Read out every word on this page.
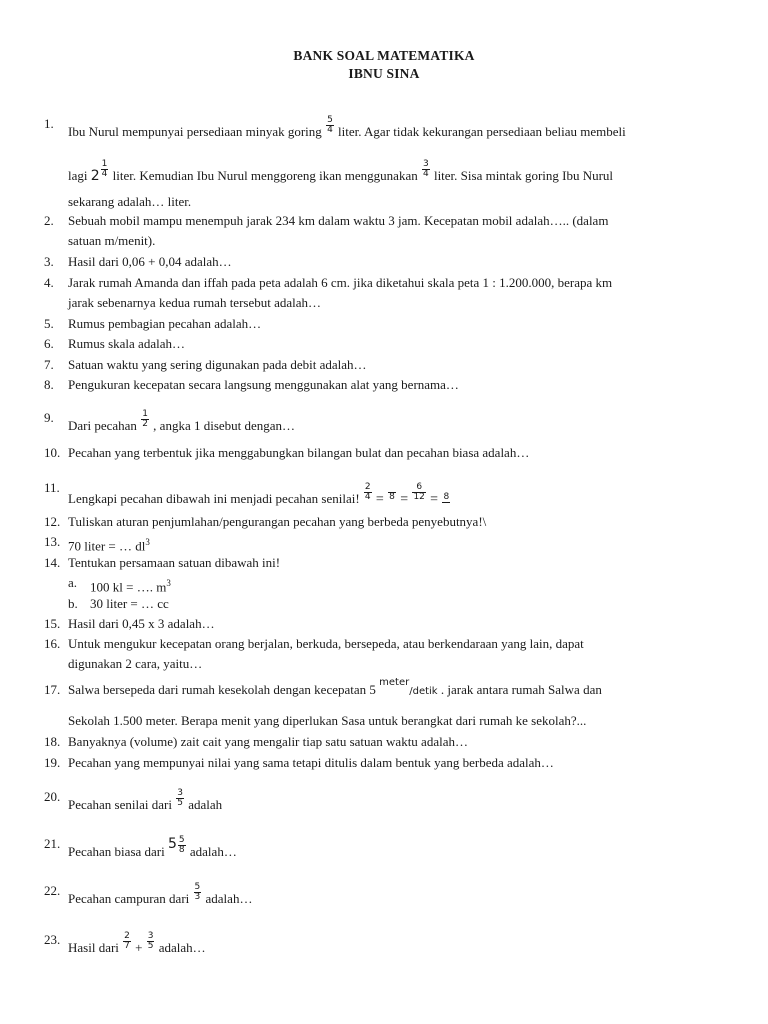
BANK SOAL MATEMATIKA
IBNU SINA
1.
Ibu Nurul mempunyai persediaan minyak goring $\frac{5}{4}$ liter. Agar tidak kekurangan persediaan beliau membeli
lagi $2 \frac{1}{4}$ liter. Kemudian Ibu Nurul menggoreng ikan menggunakan $\frac{3}{4}$ liter. Sisa mintak goring Ibu Nurul
sekarang adalah… liter.
2. Sebuah mobil mampu menempuh jarak 234 km dalam waktu 3 jam. Kecepatan mobil adalah….. (dalam
satuan m/menit).
3. Hasil dari 0,06 + 0,04 adalah…
4. Jarak rumah Amanda dan iffah pada peta adalah 6 cm. jika diketahui skala peta 1 : 1.200.000, berapa km
jarak sebenarnya kedua rumah tersebut adalah…
5. Rumus pembagian pecahan adalah…
6. Rumus skala adalah…
7. Satuan waktu yang sering digunakan pada debit adalah…
8. Pengukuran kecepatan secara langsung menggunakan alat yang bernama…
9.
Dari pecahan $\frac{1}{2}$ , angka 1 disebut dengan…
10. Pecahan yang terbentuk jika menggabungkan bilangan bulat dan pecahan biasa adalah…
11.
Lengkapi pecahan dibawah ini menjadi pecahan senilai! $\frac{2}{4} = 8 = \frac{6}{12} = 8$
12. Tuliskan aturan penjumlahan/pengurangan pecahan yang berbeda penyebutnya!\
13. 70 liter = … $dl^3$
14. Tentukan persamaan satuan dibawah ini!
a. 100 kl = …. $m^3$
b. 30 liter = … cc
15. Hasil dari 0,45 x 3 adalah…
16. Untuk mengukur kecepatan orang berjalan, berkuda, bersepeda, atau berkendaraan yang lain, dapat
digunakan 2 cara, yaitu…
17. Salwa bersepeda dari rumah kesekolah dengan kecepatan 5 $^{meter}$/detik . jarak antara rumah Salwa dan
Sekolah 1.500 meter. Berapa menit yang diperlukan Sasa untuk berangkat dari rumah ke sekolah?...
18. Banyaknya (volume) zait cait yang mengalir tiap satu satuan waktu adalah…
19. Pecahan yang mempunyai nilai yang sama tetapi ditulis dalam bentuk yang berbeda adalah…
20.
Pecahan senilai dari $\frac{3}{5}$ adalah
21.
Pecahan biasa dari $5 \frac{5}{8}$ adalah…
22.
Pecahan campuran dari $\frac{5}{3}$ adalah…
23.
Hasil dari $\frac{2}{7} + \frac{3}{5}$ adalah…
